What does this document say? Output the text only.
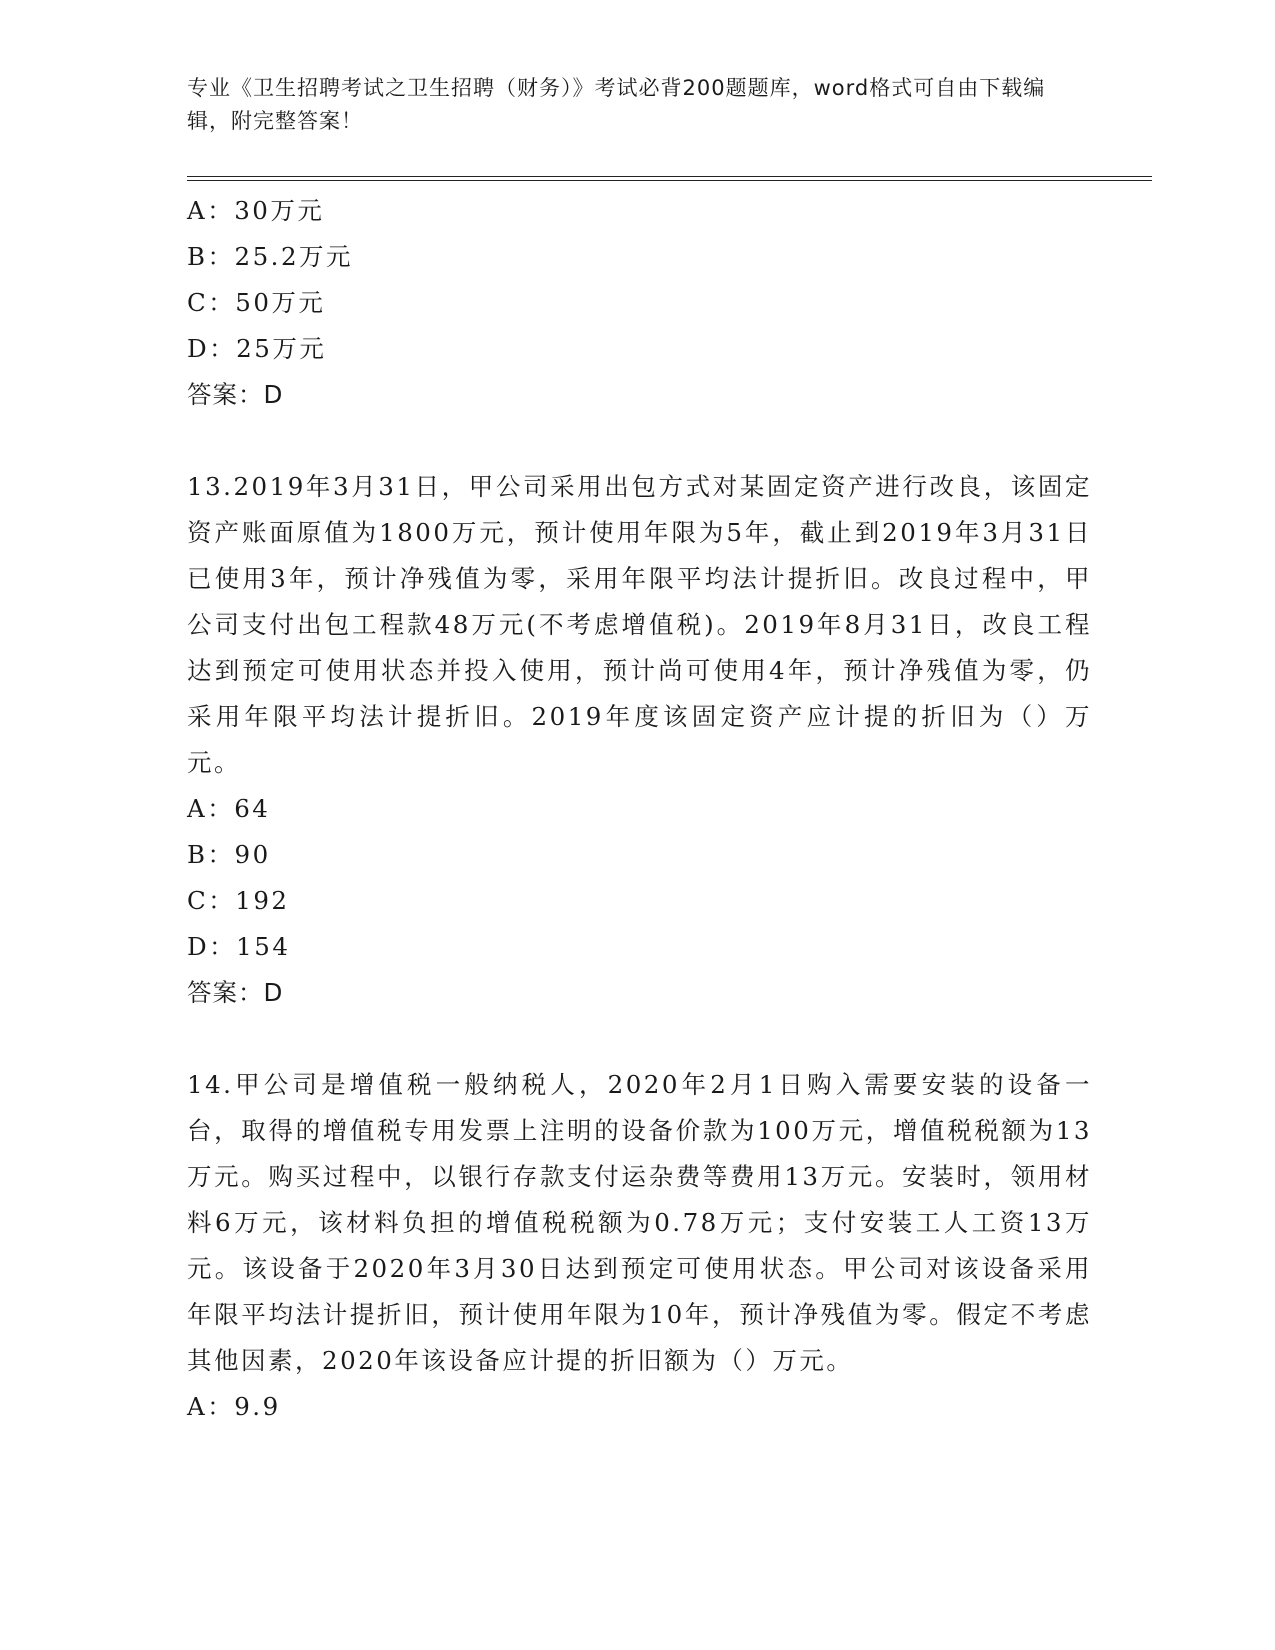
专业《卫生招聘考试之卫生招聘（财务）》考试必背200题题库，word格式可自由下载编辑，附完整答案！
A：30万元
B：25.2万元
C：50万元
D：25万元
答案：D
13.2019年3月31日，甲公司采用出包方式对某固定资产进行改良，该固定资产账面原值为1800万元，预计使用年限为5年，截止到2019年3月31日已使用3年，预计净残值为零，采用年限平均法计提折旧。改良过程中，甲公司支付出包工程款48万元(不考虑增值税)。2019年8月31日，改良工程达到预定可使用状态并投入使用，预计尚可使用4年，预计净残值为零，仍采用年限平均法计提折旧。2019年度该固定资产应计提的折旧为（）万元。
A：64
B：90
C：192
D：154
答案：D
14.甲公司是增值税一般纳税人，2020年2月1日购入需要安装的设备一台，取得的增值税专用发票上注明的设备价款为100万元，增值税税额为13万元。购买过程中，以银行存款支付运杂费等费用13万元。安装时，领用材料6万元，该材料负担的增值税税额为0.78万元；支付安装工人工资13万元。该设备于2020年3月30日达到预定可使用状态。甲公司对该设备采用年限平均法计提折旧，预计使用年限为10年，预计净残值为零。假定不考虑其他因素，2020年该设备应计提的折旧额为（）万元。
A：9.9
